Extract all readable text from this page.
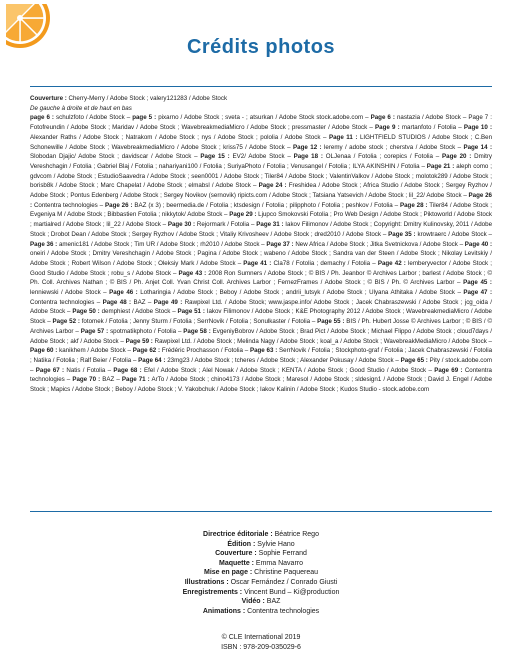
Crédits photos

Couverture : Cherry-Merry / Adobe Stock ; valery121283 / Adobe Stock

De gauche à droite et de haut en bas

page 6 : schulzfoto / Adobe Stock – page 5 : pixarno / Adobe Stock ; sveta - ; atsurkan / Adobe Stock stock.adobe.com – Page 6 : nastazia / Adobe Stock – Page 7 : Fotofreundin / Adobe Stock ; Maridav / Adobe Stock ; WavebreakmediaMicro / Adobe Stock ; pressmaster / Adobe Stock – Page 9 : martanfoto / Fotolia – Page 10 : Alexander Raths / Adobe Stock ; Natrakom / Adobe Stock ; nys / Adobe Stock ; pololia / Adobe Stock – Page 11 : LIGHTFIELD STUDIOS / Adobe Stock ; C.Ben Schonewille / Adobe Stock ; WavebreakmediaMicro / Adobe Stock ; kriss75 / Adobe Stock – Page 12 : leremy / adobe stock ; cherstva / Adobe Stock – Page 14 : Slobodan Djajic/ Adobe Stock ; davidscar / Adobe Stock – Page 15 : EV2/ Adobe Stock – Page 18 : OLJenaa / Fotolia ; corepics / Fotolia – Page 20 : Dmitry Vereshchagin / Fotolia ; Gabriel Blaj / Fotolia ; nahariyani100 / Fotolia ; SuriyaPhoto / Fotolia ; Venusangel / Fotolia ; ILYA AKINSHIN / Fotolia – Page 21 : aleph como ; gdvcom / Adobe Stock ; EstudioSaavedra / Adobe Stock ; seen0001 / Adobe Stock ; Tiler84 / Adobe Stock ; ValentinValkov / Adobe Stock ; molotok289 / Adobe Stock ; borisb8k / Adobe Stock ; Marc Chapelat / Adobe Stock ; elmabsl / Adobe Stock – Page 24 : Freshidea / Adobe Stock ; Africa Studio / Adobe Stock ; Sergey Ryzhov / Adobe Stock ; Pontus Edenberg / Adobe Stock ; Sergey Novikov (sernovik) ripicts.com / Adobe Stock ; Tatsiana Yatsevich / Adobe Stock ; lil_22/ Adobe Stock – Page 26 : Contentra technologies – Page 26 : BAZ (x 3) ; beermedia.de / Fotolia ; ktsdesign / Fotolia ; pilipphoto / Fotolia ; peshkov / Fotolia – Page 28 : Tiler84 / Adobe Stock ; Evgeniya M / Adobe Stock ; Bibbastien Fotolia ; nikkytok/ Adobe Stock – Page 29 : Ljupco Smokovski Fotolia ; Pro Web Design / Adobe Stock ; Piktoworld / Adobe Stock ; martialred / Adobe Stock ; lil_22 / Adobe Stock – Page 30 : Rejormark / Fotolia – Page 31 : Iakov Filimonov / Adobe Stock ; Copyright: Dmitry Kulinovsky, 2011 / Adobe Stock ; Drobot Dean / Adobe Stock ; Sergey Ryzhov / Adobe Stock ; Vitaliy Krivosheev / Adobe Stock ; dred2010 / Adobe Stock – Page 35 : krowtraerc / Adobe Stock – Page 36 : amenic181 / Adobe Stock ; Tim UR / Adobe Stock ; rh2010 / Adobe Stock – Page 37 : New Africa / Adobe Stock ; Jitka Svetnickova / Adobe Stock – Page 40 : oneiri / Adobe Stock ; Dmitry Vereshchagin / Adobe Stock ; Pagina / Adobe Stock ; wabeno / Adobe Stock ; Sandra van der Steen / Adobe Stock ; Nikolay Levitskiy / Adobe Stock ; Robert Wilson / Adobe Stock ; Oleksiy Mark / Adobe Stock – Page 41 : Cla78 / Fotolia ; demachy / Fotolia – Page 42 : lemberyvector / Adobe Stock ; Good Studio / Adobe Stock ; robu_s / Adobe Stock – Page 43 : 2008 Ron Sumners / Adobe Stock ; © BIS / Ph. Jeanbor © Archives Larbor ; barlest / Adobe Stock ; © Ph. Coll. Archives Nathan ; © BIS / Ph. Anjet Coll. Yvan Christ Coll. Archives Larbor ; FernezFrames / Adobe Stock ; © BIS / Ph. © Archives Larbor – Page 45 : lenniewski / Adobe Stock – Page 46 : Lotharingia / Adobe Stock ; Beboy / Adobe Stock ; andrii_lutsyk / Adobe Stock ; Ulyana Athitaka / Adobe Stock – Page 47 : Contentra technologies – Page 48 : BAZ – Page 49 : Rawpixel Ltd. / Adobe Stock; www.jaspe.info/ Adobe Stock ; Jacek Chabraszewski / Adobe Stock ; jcg_oida / Adobe Stock – Page 50 : demphiest / Adobe Stock – Page 51 : Iakov Filimonov / Adobe Stock ; K&E Photography 2012 / Adobe Stock ; WavebreakmediaMicro / Adobe Stock – Page 52 : fotomek / Fotolia ; Jenny Sturm / Fotolia ; SerrNovik / Fotolia ; Sonulkaster / Fotolia – Page 55 : BIS / Ph. Hubert Josse © Archives Larbor ; © BIS / © Archives Larbor – Page 57 : spotmatikphoto / Fotolia – Page 58 : EvgeniyBobrov / Adobe Stock ; Brad Pict / Adobe Stock ; Michael Flippo / Adobe Stock ; cloud7days / Adobe Stock ; akf / Adobe Stock – Page 59 : Rawpixel Ltd. / Adobe Stock ; Melinda Nagy / Adobe Stock ; koal_a / Adobe Stock ; WavebreakMediaMicro / Adobe Stock – Page 60 : kanikhem / Adobe Stock – Page 62 : Frédéric Prochasson / Fotolia – Page 63 : SerrNovik / Fotolia ; Stockphoto-graf / Fotolia ; Jacek Chabraszewski / Fotolia ; Natika / Fotolia ; Ralf Beier / Fotolia – Page 64 : 23mg23 / Adobe Stock ; tcheres / Adobe Stock ; Alexander Pokusay / Adobe Stock – Page 65 : Pity / stock.adobe.com – Page 67 : Natis / Fotolia – Page 68 : Efel / Adobe Stock ; Alel Nowak / Adobe Stock ; KENTA / Adobe Stock ; Good Studio / Adobe Stock – Page 69 : Contentra technologies – Page 70 : BAZ – Page 71 : ArTo / Adobe Stock ; chino4173 / Adobe Stock ; Maresol / Adobe Stock ; sldesign1 / Adobe Stock ; David J. Engel / Adobe Stock ; Mapics / Adobe Stock ; Beboy / Adobe Stock ; V. Yakobchuk / Adobe Stock ; Iakov Kalinin / Adobe Stock ; Kudos Studio - stock.adobe.com

Directrice éditoriale : Béatrice Rego
Édition : Sylvie Hano
Couverture : Sophie Ferrand
Maquette : Emma Navarro
Mise en page : Christine Paquereau
Illustrations : Oscar Fernández / Conrado Giusti
Enregistrements : Vincent Bund – Ki@production
Vidéo : BAZ
Animations : Contentra technologies
© CLE International 2019
ISBN : 978-209-035029-6
